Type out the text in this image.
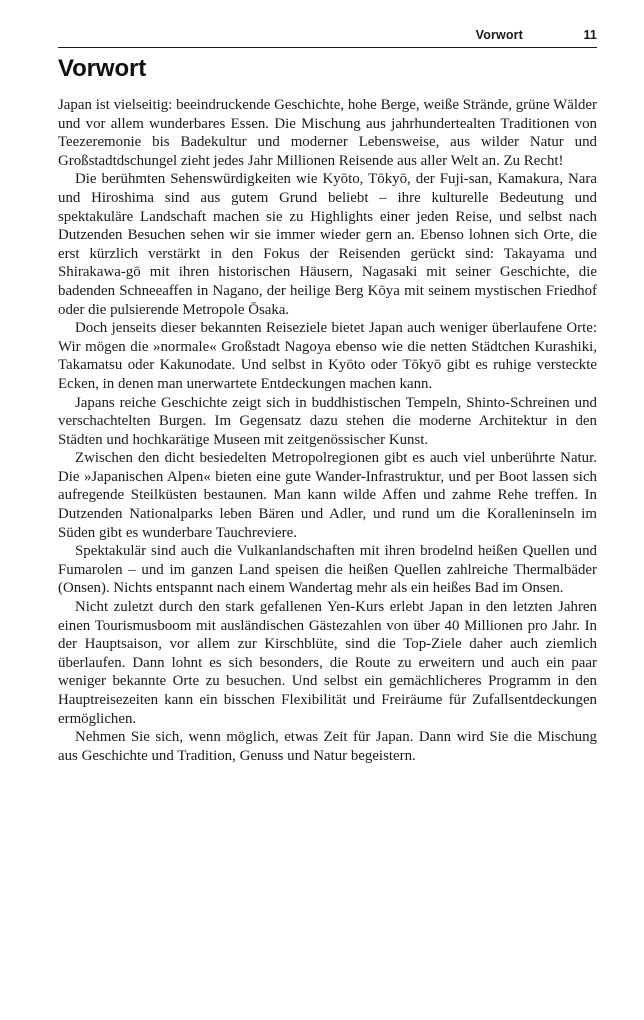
Vorwort	11
Vorwort

Japan ist vielseitig: beeindruckende Geschichte, hohe Berge, weiße Strände, grüne Wälder und vor allem wunderbares Essen. Die Mischung aus jahrhundertealten Traditionen von Teezeremonie bis Badekultur und moderner Lebensweise, aus wilder Natur und Großstadtdschungel zieht jedes Jahr Millionen Reisende aus aller Welt an. Zu Recht!

Die berühmten Sehenswürdigkeiten wie Kyōto, Tōkyō, der Fuji-san, Kamakura, Nara und Hiroshima sind aus gutem Grund beliebt – ihre kulturelle Bedeutung und spektakuläre Landschaft machen sie zu Highlights einer jeden Reise, und selbst nach Dutzenden Besuchen sehen wir sie immer wieder gern an. Ebenso lohnen sich Orte, die erst kürzlich verstärkt in den Fokus der Reisenden gerückt sind: Takayama und Shirakawa-gō mit ihren historischen Häusern, Nagasaki mit seiner Geschichte, die badenden Schneeaffen in Nagano, der heilige Berg Kōya mit seinem mystischen Friedhof oder die pulsierende Metropole Ōsaka.

Doch jenseits dieser bekannten Reiseziele bietet Japan auch weniger überlaufene Orte: Wir mögen die »normale« Großstadt Nagoya ebenso wie die netten Städtchen Kurashiki, Takamatsu oder Kakunodate. Und selbst in Kyōto oder Tōkyō gibt es ruhige versteckte Ecken, in denen man unerwartete Entdeckungen machen kann.

Japans reiche Geschichte zeigt sich in buddhistischen Tempeln, Shinto-Schreinen und verschachtelten Burgen. Im Gegensatz dazu stehen die moderne Architektur in den Städten und hochkarätige Museen mit zeitgenössischer Kunst.

Zwischen den dicht besiedelten Metropolregionen gibt es auch viel unberührte Natur. Die »Japanischen Alpen« bieten eine gute Wander-Infrastruktur, und per Boot lassen sich aufregende Steilküsten bestaunen. Man kann wilde Affen und zahme Rehe treffen. In Dutzenden Nationalparks leben Bären und Adler, und rund um die Koralleninseln im Süden gibt es wunderbare Tauchreviere.

Spektakulär sind auch die Vulkanlandschaften mit ihren brodelnd heißen Quellen und Fumarolen – und im ganzen Land speisen die heißen Quellen zahlreiche Thermalbäder (Onsen). Nichts entspannt nach einem Wandertag mehr als ein heißes Bad im Onsen.

Nicht zuletzt durch den stark gefallenen Yen-Kurs erlebt Japan in den letzten Jahren einen Tourismusboom mit ausländischen Gästezahlen von über 40 Millionen pro Jahr. In der Hauptsaison, vor allem zur Kirschblüte, sind die Top-Ziele daher auch ziemlich überlaufen. Dann lohnt es sich besonders, die Route zu erweitern und auch ein paar weniger bekannte Orte zu besuchen. Und selbst ein gemächlicheres Programm in den Hauptreisezeiten kann ein bisschen Flexibilität und Freiräume für Zufallsentdeckungen ermöglichen.

Nehmen Sie sich, wenn möglich, etwas Zeit für Japan. Dann wird Sie die Mischung aus Geschichte und Tradition, Genuss und Natur begeistern.
